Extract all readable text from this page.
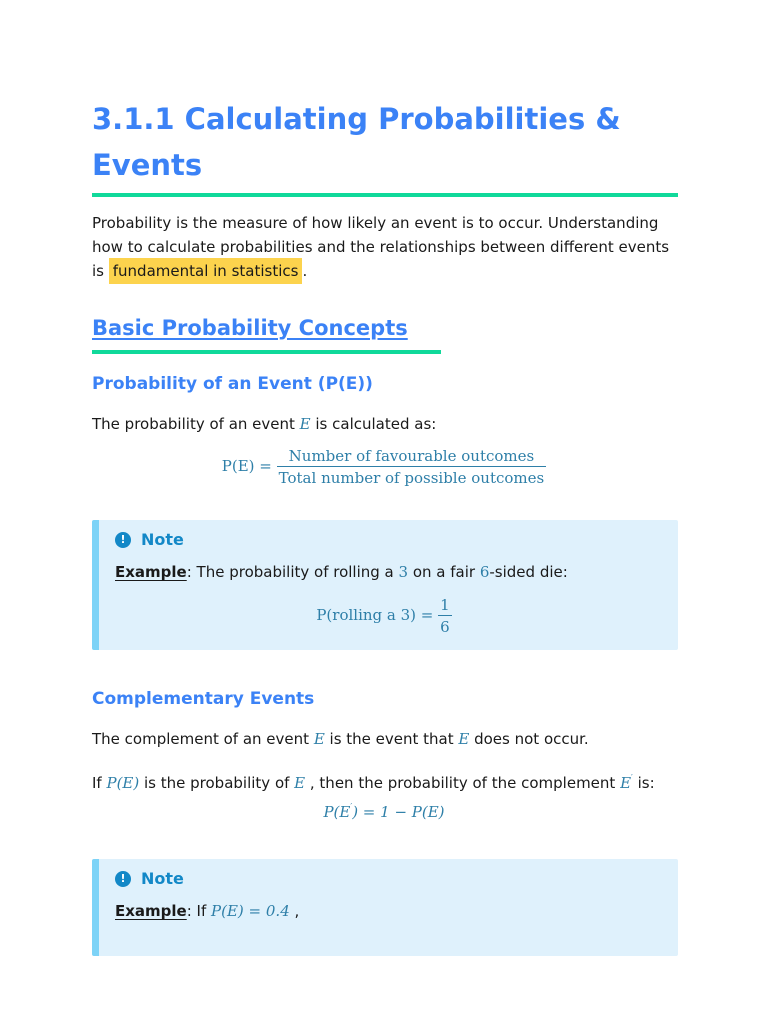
3.1.1 Calculating Probabilities & Events

Probability is the measure of how likely an event is to occur. Understanding how to calculate probabilities and the relationships between different events is fundamental in statistics .

Basic Probability Concepts
Probability of an Event (P(E))

The probability of an event E is calculated as:

$P(E) = \frac{\text{Number of favourable outcomes}}{\text{Total number of possible outcomes}}$
! Note
Example: The probability of rolling a 3 on a fair 6-sided die:
P(rolling a $3) = \frac{1}{6}$
Complementary Events

The complement of an event E is the event that E does not occur.

If P(E) is the probability of E , then the probability of the complement E′ is:

P(E′) = 1 − P(E)
! Note
Example: If P(E) = 0.4 ,
